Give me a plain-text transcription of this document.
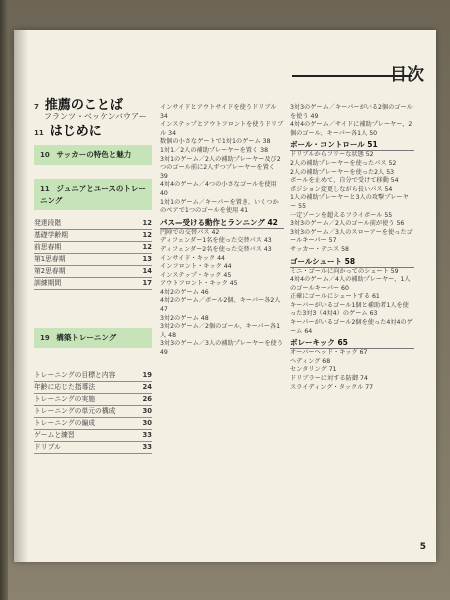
目次
7 推薦のことば
フランツ・ベッケンバウアー
11 はじめに
10 サッカーの特色と魅力
11 ジュニアとユースのトレーニング
発達段階	12
基礎学齢期	12
前思春期	12
第1思春期	13
第2思春期	14
訓練期間	17
19 構築トレーニング
トレーニングの目標と内容	19
年齢に応じた指導法	24
トレーニングの実施	26
トレーニングの単元の構成	30
トレーニングの編成	30
ゲームと練習	33
ドリブル	33
インサイドとアウトサイドを使うドリブル 34
インステップとアウトフロントを使うドリブル 34
数個の小さなゲートで1対1のゲーム 38
1対1／2人の補助プレーヤーを置く 38
3対1のゲーム／2人の補助プレーヤー及び2つのゴール前に2人ずつプレーヤーを置く 39
4対4のゲーム／4つの小さなゴールを使用 40
1対1のゲーム／キーパーを置き、いくつかのペアで1つのゴールを使用 41
パス—受ける動作とランニング 42
円陣での交替パス 42
ディフェンダー1名を使った交替パス 43
ディフェンダー2名を使った交替パス 43
インサイド・キック 44
インフロント・キック 44
インステップ・キック 45
アウトフロント・キック 45
4対2のゲーム 46
4対2のゲーム／ボール2個、キーパー各2人 47
3対2のゲーム 48
3対2のゲーム／2個のゴール、キーパー各1人 48
3対3のゲーム／3人の補助プレーヤーを使う 49
3対3のゲーム／キーパーがいる2個のゴールを使う 49
4対4のゲーム／サイドに補助プレーヤー、2個のゴール、キーパー各1人 50
ボール・コントロール 51
ドリブルからフリーな状態 52
2人の補助プレーヤーを使ったパス 52
2人の補助プレーヤーを使った2人 53
ボールを止めて、自分で受けて移動 54
ポジション変更しながら長いパス 54
1人の補助プレーヤーと3人の攻撃プレーヤー 55
一定ゾーンを超えるフライボール 55
3対3のゲーム／2人のゴール前が使う 56
3対3のゲーム／3人のスローアーを使ったゴールキーパー 57
サッカー・テニス 58
ゴールシュート 58
ミニ・ゴールに向かってのシュート 59
4対4のゲーム／4人の補助プレーヤー、1人のゴールキーパー 60
正確にゴールにシュートする 61
キーパーがいるゴール1個と補助者1人を使った3対3（4対4）のゲーム 63
キーパーがいるゴール2個を使った4対4のゲーム 64
ボレーキック 65
オーバーヘッド・キック 67
ヘディング 68
センタリング 71
ドリブラーに対する防御 74
スライディング・タックル 77
5
